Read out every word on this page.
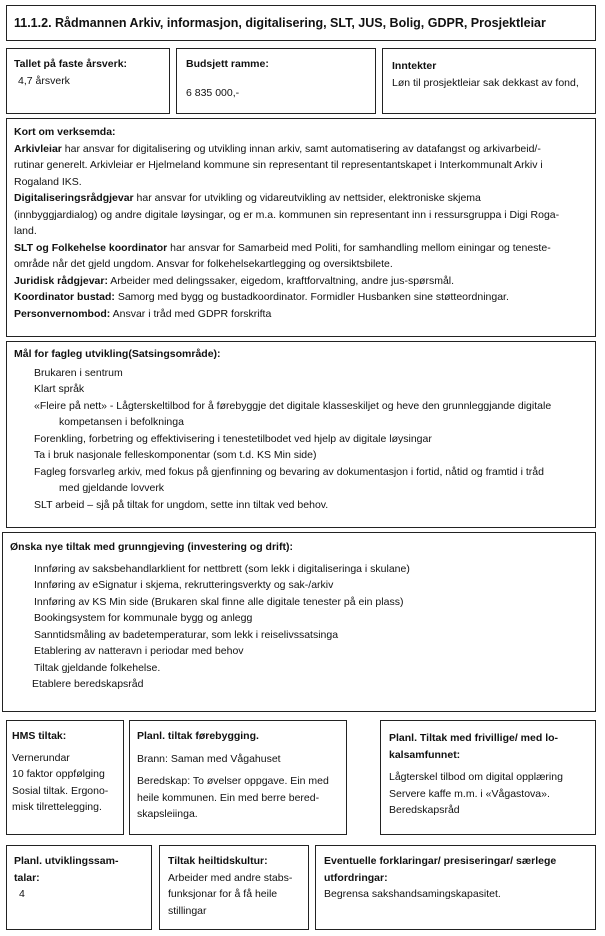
11.1.2. Rådmannen Arkiv, informasjon, digitalisering, SLT, JUS, Bolig, GDPR, Prosjektleiar
Tallet på faste årsverk:
4,7 årsverk
Budsjett ramme:
6 835 000,-
Inntekter
Løn til prosjektleiar sak dekkast av fond,
Kort om verksemda:
Arkivleiar har ansvar for digitalisering og utvikling innan arkiv, samt automatisering av datafangst og arkivarbeid/-
rutinar generelt. Arkivleiar er Hjelmeland kommune sin representant til representantskapet i Interkommunalt Arkiv i
Rogaland IKS.
Digitaliseringsrådgjevar har ansvar for utvikling og vidareutvikling av nettsider, elektroniske skjema
(innbyggjardialog) og andre digitale løysingar, og er m.a. kommunen sin representant inn i ressursgruppa i Digi Roga-
land.
SLT og Folkehelse koordinator har ansvar for Samarbeid med Politi, for samhandling mellom einingar og teneste-
område når det gjeld ungdom. Ansvar for folkehelsekartlegging og oversiktsbilete.
Juridisk rådgjevar: Arbeider med delingssaker, eigedom, kraftforvaltning, andre jus-spørsmål.
Koordinator bustad: Samorg med bygg og bustadkoordinator. Formidler Husbanken sine støtteordningar.
Personvernombod: Ansvar i tråd med GDPR forskrifta
Mål for fagleg utvikling(Satsingsområde):
Brukaren i sentrum
Klart språk
«Fleire på nett» - Lågterskeltilbod for å førebyggje det digitale klasseskiljet og heve den grunnleggjande digitale
kompetansen i befolkninga
Forenkling, forbetring og effektivisering i tenestetilbodet ved hjelp av digitale løysingar
Ta i bruk nasjonale felleskomponentar (som t.d. KS Min side)
Fagleg forsvarleg arkiv, med fokus på gjenfinning og bevaring av dokumentasjon i fortid, nåtid og framtid i tråd
med gjeldande lovverk
SLT arbeid – sjå på tiltak for ungdom, sette inn tiltak ved behov.
Ønska nye tiltak med grunngjeving (investering og drift):
Innføring av saksbehandlarklient for nettbrett (som lekk i digitaliseringa i skulane)
Innføring av eSignatur i skjema, rekrutteringsverkty og sak-/arkiv
Innføring av KS Min side (Brukaren skal finne alle digitale tenester på ein plass)
Bookingsystem for kommunale bygg og anlegg
Sanntidsmåling av badetemperaturar, som lekk i reiselivssatsinga
Etablering av natteravn i periodar med behov
Tiltak gjeldande folkehelse.
Etablere beredskapsråd
HMS tiltak:
Vernerundar
10 faktor oppfølging
Sosial tiltak. Ergono-
misk tilrettelegging.
Planl. tiltak førebygging.
Brann: Saman med Vågahuset
Beredskap: To øvelser oppgave. Ein med
heile kommunen. Ein med berre bered-
skapsleiinga.
Planl. Tiltak med frivillige/ med lo-
kalsamfunnet:
Lågterskel tilbod om digital opplæring
Servere kaffe m.m. i «Vågastova».
Beredskapsråd
Planl. utviklingssam-
talar:
4
Tiltak heiltidskultur:
Arbeider med andre stabs-
funksjonar for å få heile
stillingar
Eventuelle forklaringar/ presiseringar/ særlege
utfordringar:
Begrensa sakshandsamingskapasitet.
